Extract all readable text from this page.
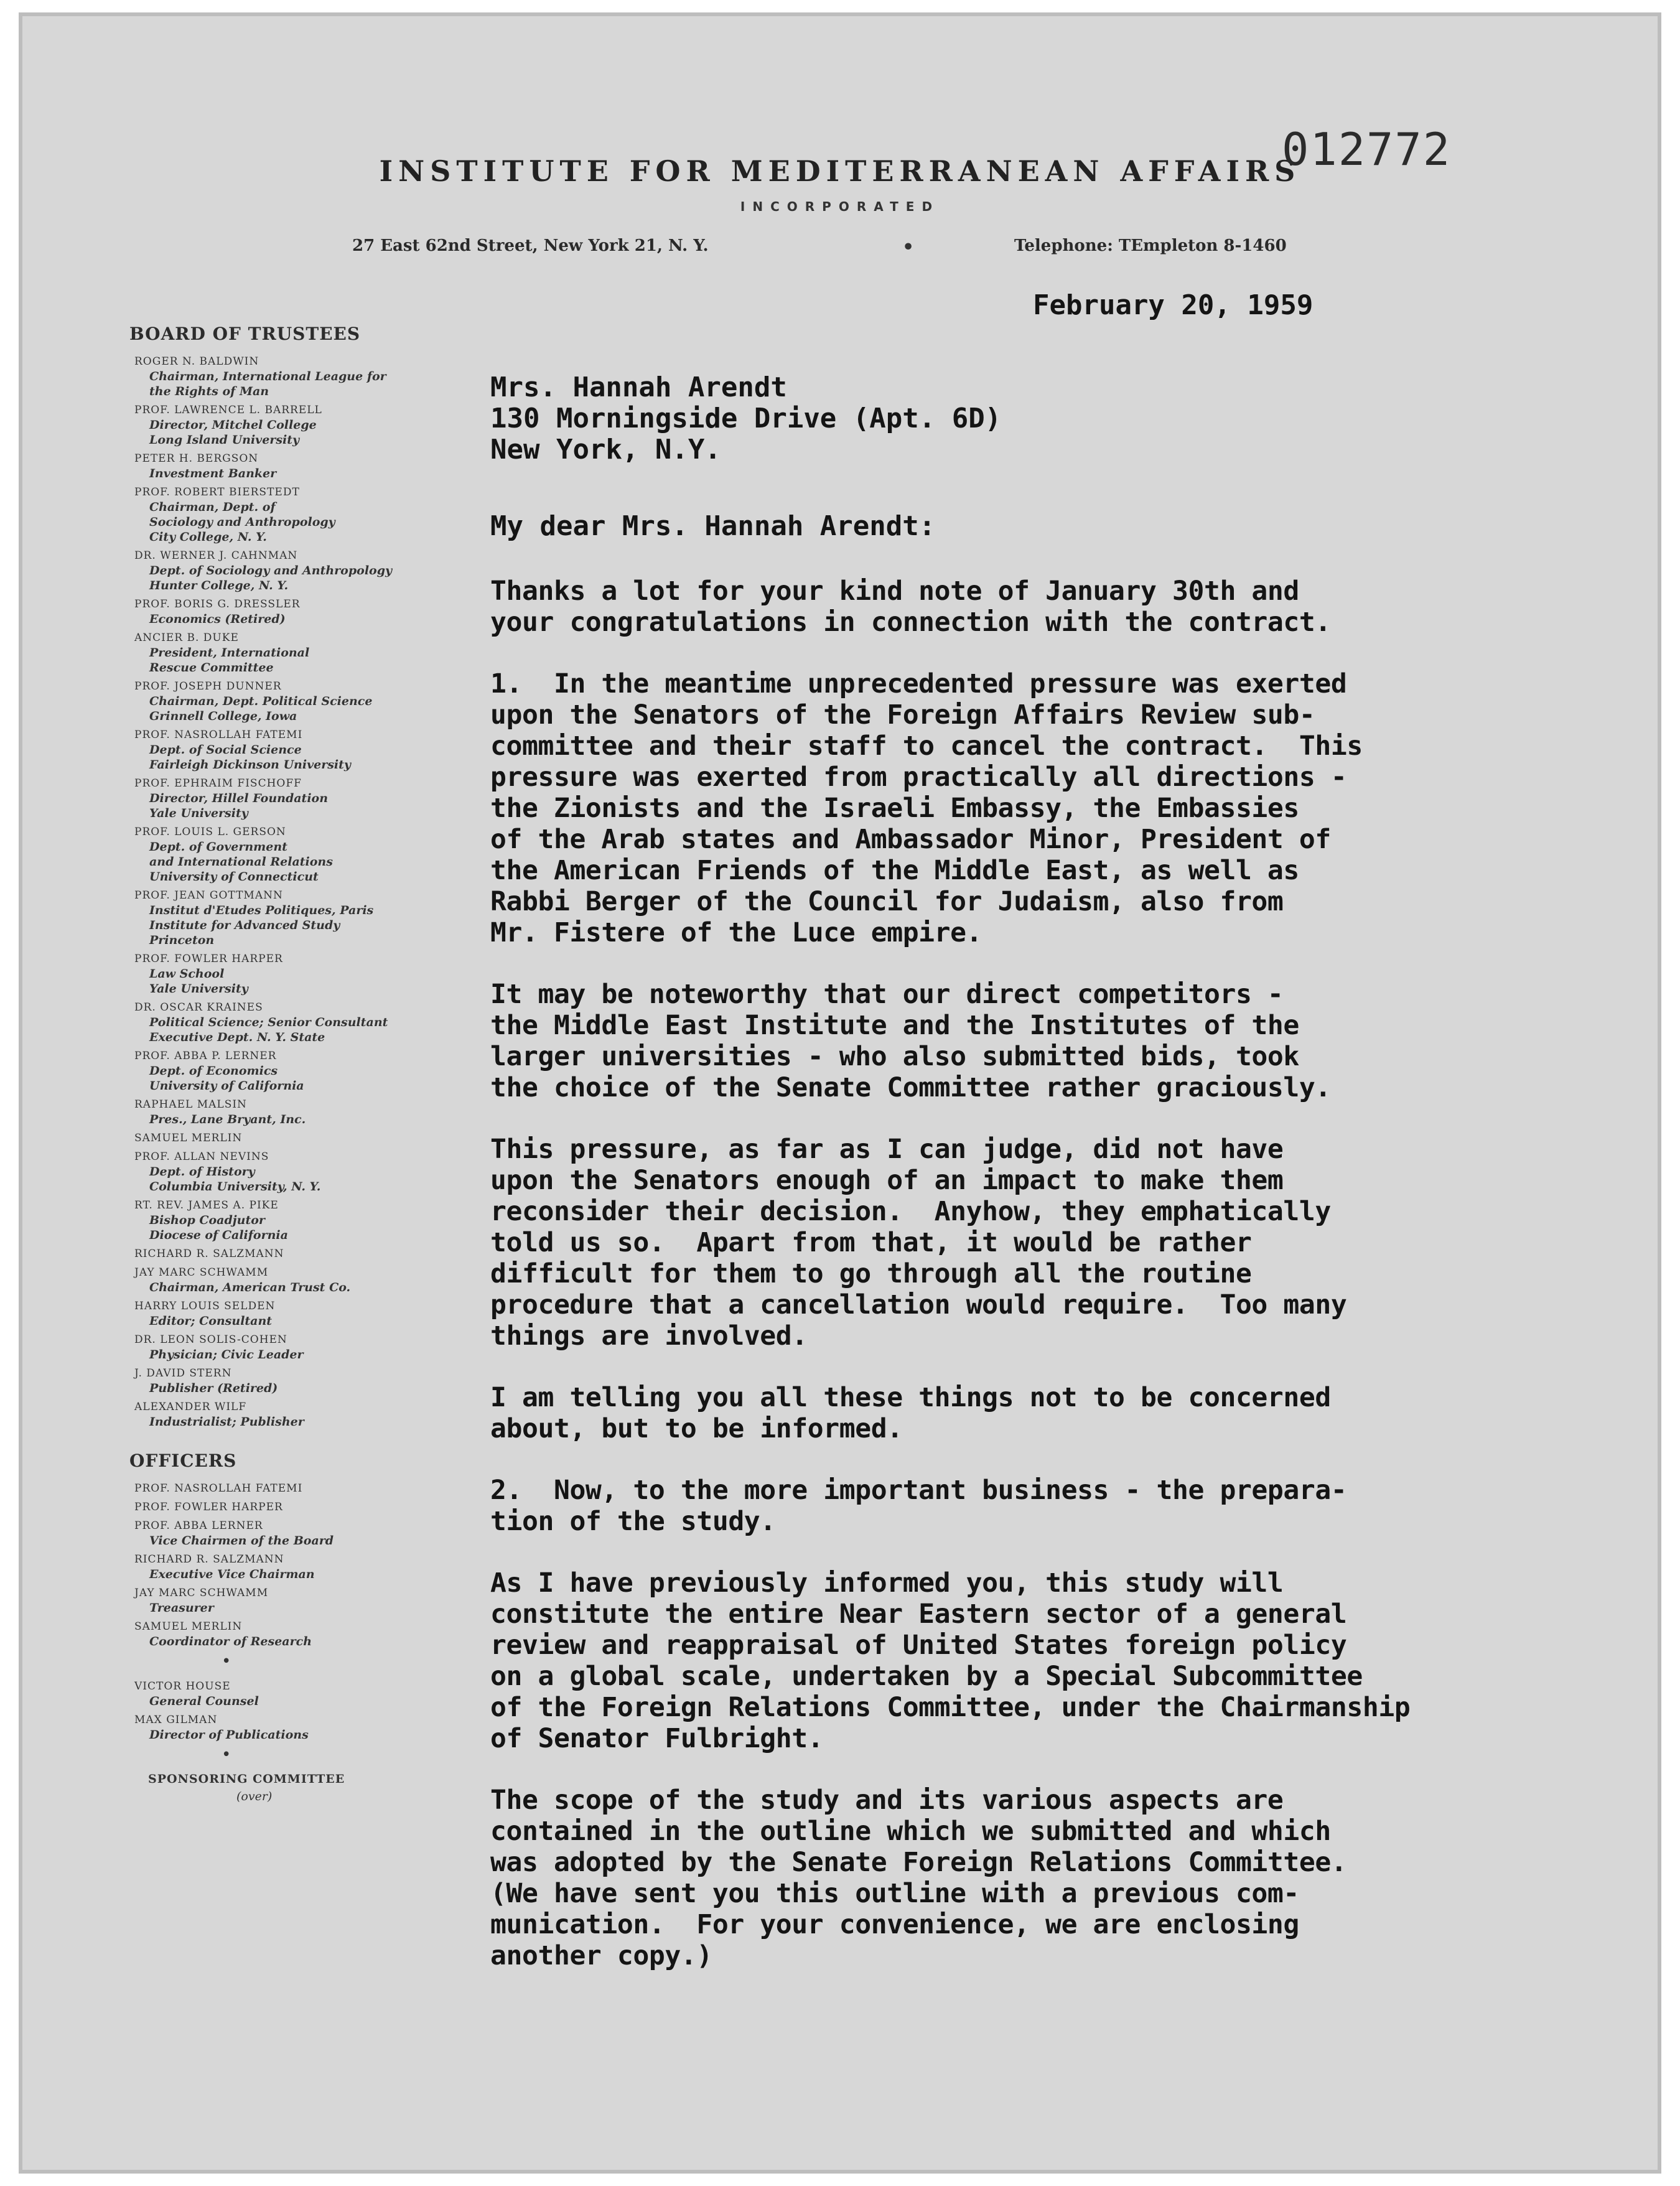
INSTITUTE FOR MEDITERRANEAN AFFAIRS
INCORPORATED
012772
27 East 62nd Street, New York 21, N. Y.	•	Telephone: TEmpleton 8-1460
BOARD OF TRUSTEES
ROGER N. BALDWIN
Chairman, International League for
the Rights of Man
PROF. LAWRENCE L. BARRELL
Director, Mitchel College
Long Island University
PETER H. BERGSON
Investment Banker
PROF. ROBERT BIERSTEDT
Chairman, Dept. of
Sociology and Anthropology
City College, N. Y.
DR. WERNER J. CAHNMAN
Dept. of Sociology and Anthropology
Hunter College, N. Y.
PROF. BORIS G. DRESSLER
Economics (Retired)
ANCIER B. DUKE
President, International
Rescue Committee
PROF. JOSEPH DUNNER
Chairman, Dept. Political Science
Grinnell College, Iowa
PROF. NASROLLAH FATEMI
Dept. of Social Science
Fairleigh Dickinson University
PROF. EPHRAIM FISCHOFF
Director, Hillel Foundation
Yale University
PROF. LOUIS L. GERSON
Dept. of Government
and International Relations
University of Connecticut
PROF. JEAN GOTTMANN
Institut d'Etudes Politiques, Paris
Institute for Advanced Study
Princeton
PROF. FOWLER HARPER
Law School
Yale University
DR. OSCAR KRAINES
Political Science; Senior Consultant
Executive Dept. N. Y. State
PROF. ABBA P. LERNER
Dept. of Economics
University of California
RAPHAEL MALSIN
Pres., Lane Bryant, Inc.
SAMUEL MERLIN
PROF. ALLAN NEVINS
Dept. of History
Columbia University, N. Y.
RT. REV. JAMES A. PIKE
Bishop Coadjutor
Diocese of California
RICHARD R. SALZMANN
JAY MARC SCHWAMM
Chairman, American Trust Co.
HARRY LOUIS SELDEN
Editor; Consultant
DR. LEON SOLIS-COHEN
Physician; Civic Leader
J. DAVID STERN
Publisher (Retired)
ALEXANDER WILF
Industrialist; Publisher
OFFICERS
PROF. NASROLLAH FATEMI
PROF. FOWLER HARPER
PROF. ABBA LERNER
Vice Chairmen of the Board
RICHARD R. SALZMANN
Executive Vice Chairman
JAY MARC SCHWAMM
Treasurer
SAMUEL MERLIN
Coordinator of Research
•
VICTOR HOUSE
General Counsel
MAX GILMAN
Director of Publications
•
SPONSORING COMMITTEE
(over)
February 20, 1959
Mrs. Hannah Arendt
130 Morningside Drive (Apt. 6D)
New York, N.Y.
My dear Mrs. Hannah Arendt:
Thanks a lot for your kind note of January 30th and
your congratulations in connection with the contract.
1.  In the meantime unprecedented pressure was exerted
upon the Senators of the Foreign Affairs Review sub-
committee and their staff to cancel the contract.  This
pressure was exerted from practically all directions -
the Zionists and the Israeli Embassy, the Embassies
of the Arab states and Ambassador Minor, President of
the American Friends of the Middle East, as well as
Rabbi Berger of the Council for Judaism, also from
Mr. Fistere of the Luce empire.
It may be noteworthy that our direct competitors -
the Middle East Institute and the Institutes of the
larger universities - who also submitted bids, took
the choice of the Senate Committee rather graciously.
This pressure, as far as I can judge, did not have
upon the Senators enough of an impact to make them
reconsider their decision.  Anyhow, they emphatically
told us so.  Apart from that, it would be rather
difficult for them to go through all the routine
procedure that a cancellation would require.  Too many
things are involved.
I am telling you all these things not to be concerned
about, but to be informed.
2.  Now, to the more important business - the prepara-
tion of the study.
As I have previously informed you, this study will
constitute the entire Near Eastern sector of a general
review and reappraisal of United States foreign policy
on a global scale, undertaken by a Special Subcommittee
of the Foreign Relations Committee, under the Chairmanship
of Senator Fulbright.
The scope of the study and its various aspects are
contained in the outline which we submitted and which
was adopted by the Senate Foreign Relations Committee.
(We have sent you this outline with a previous com-
munication.  For your convenience, we are enclosing
another copy.)
